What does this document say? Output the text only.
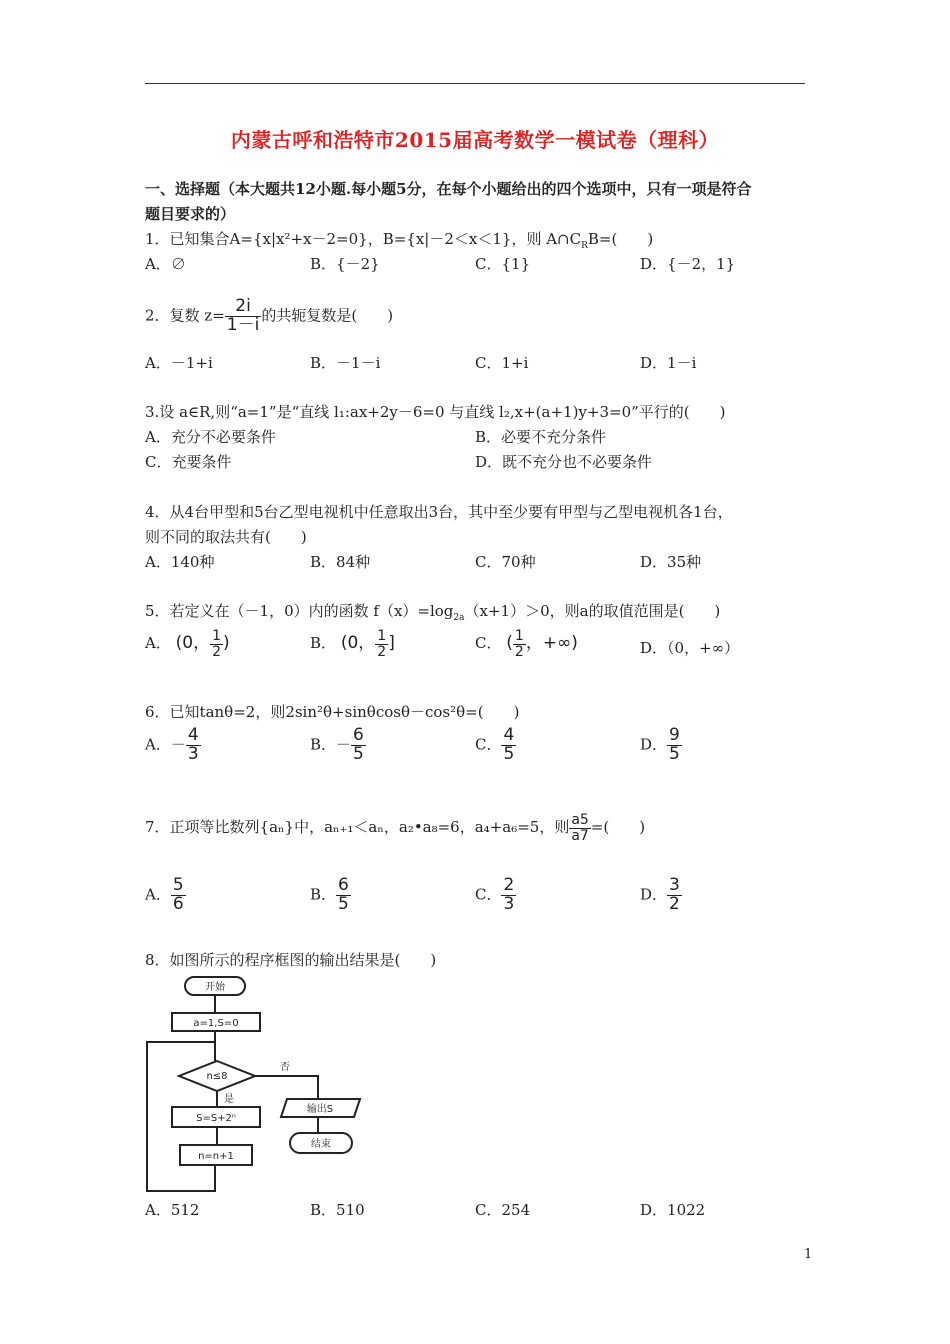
内蒙古呼和浩特市2015届高考数学一模试卷（理科）
一、选择题（本大题共12小题.每小题5分，在每个小题给出的四个选项中，只有一项是符合
题目要求的）
1．已知集合A={x|x²+x－2=0}，B={x|－2＜x＜1}，则 $A\cap C_RB=$(　　)
A．∅	B．{－2}	C．{1}	D．{－2，1}
2．复数 $z= \frac{2i}{1-i}$ 的共轭复数是(　　)
A．－1+i	B．－1－i	C．1+i	D．1－i
3.设 a∈R,则“a=1”是“直线 l₁:ax+2y－6=0 与直线 l₂,x+(a+1)y+3=0”平行的(　　)
A．充分不必要条件	B．必要不充分条件
C．充要条件	D．既不充分也不必要条件
4．从4台甲型和5台乙型电视机中任意取出3台，其中至少要有甲型与乙型电视机各1台，
则不同的取法共有(　　)
A．140种	B．84种	C．70种	D．35种
5．若定义在（－1，0）内的函数 $f(x)=\log_{2a}(x+1)>0$，则a的取值范围是(　　)
A． (0， $\frac{1}{2}$ )	B． (0， $\frac{1}{2}$ ]	C． ( $\frac{1}{2}$ ，+∞)	D．（0，+∞）
6．已知tanθ=2，则2sin²θ+sinθcosθ－cos²θ=(　　)
A．－ $\frac{4}{3}$	B．－ $\frac{6}{5}$	C． $\frac{4}{5}$	D． $\frac{9}{5}$
7．正项等比数列{aₙ}中，aₙ₊₁＜aₙ，a₂•a₈=6，a₄+a₆=5，则 $\frac{a5}{a7}$ =(　　)
A． $\frac{5}{6}$	B． $\frac{6}{5}$	C． $\frac{2}{3}$	D． $\frac{3}{2}$
8．如图所示的程序框图的输出结果是(　　)
开始
a=1,S=0
n≤8
否
是
S=S+2ⁿ
n=n+1
输出S
结束
A．512	B．510	C．254	D．1022
1
